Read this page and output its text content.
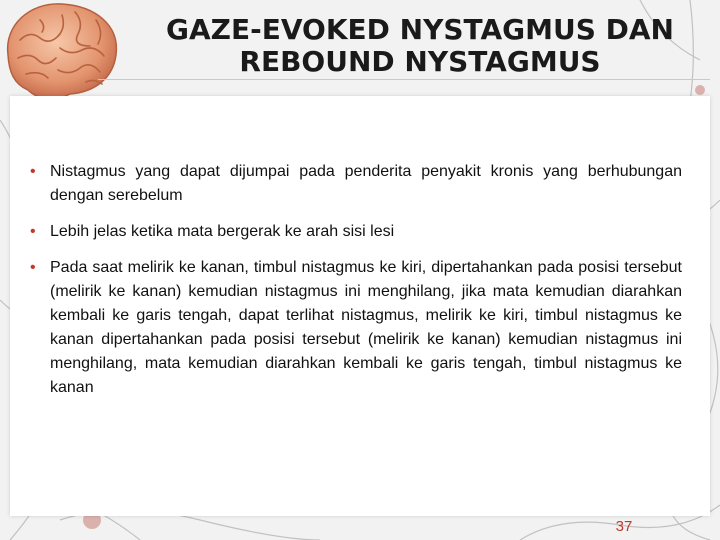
GAZE-EVOKED NYSTAGMUS DAN
REBOUND NYSTAGMUS
• Nistagmus yang dapat dijumpai pada penderita penyakit kronis yang berhubungan dengan serebelum
• Lebih jelas ketika mata bergerak ke arah sisi lesi
• Pada saat melirik ke kanan, timbul nistagmus ke kiri, dipertahankan pada posisi tersebut (melirik ke kanan) kemudian nistagmus ini menghilang, jika mata kemudian diarahkan kembali ke garis tengah, dapat terlihat nistagmus, melirik ke kiri, timbul nistagmus ke kanan dipertahankan pada posisi tersebut (melirik ke kanan) kemudian nistagmus ini menghilang, mata kemudian diarahkan kembali ke garis tengah, timbul nistagmus ke kanan
37
